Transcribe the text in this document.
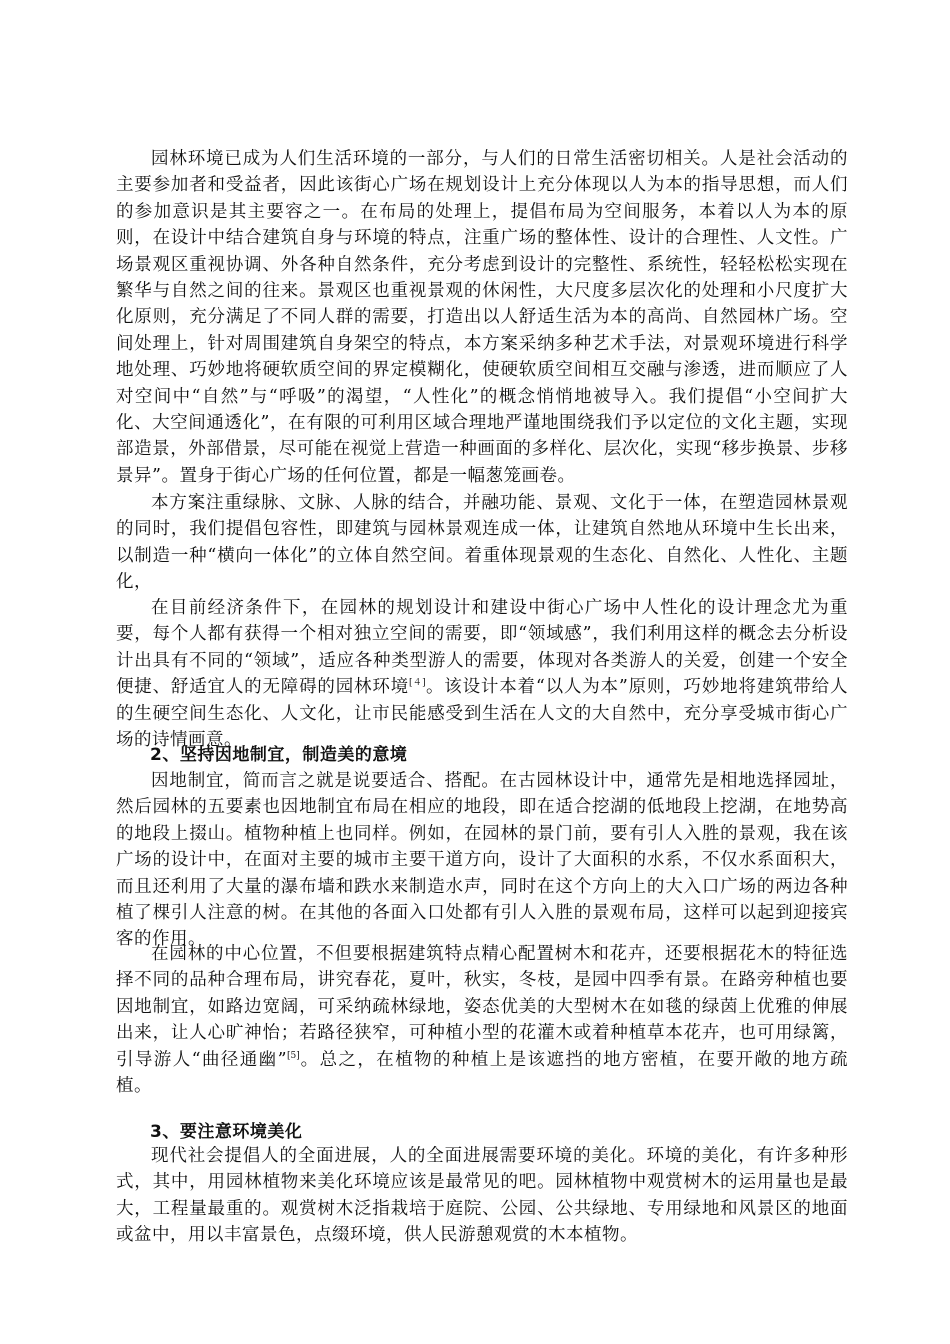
园林环境已成为人们生活环境的一部分，与人们的日常生活密切相关。人是社会活动的主要参加者和受益者，因此该街心广场在规划设计上充分体现以人为本的指导思想，而人们的参加意识是其主要容之一。在布局的处理上，提倡布局为空间服务，本着以人为本的原则，在设计中结合建筑自身与环境的特点，注重广场的整体性、设计的合理性、人文性。广场景观区重视协调、外各种自然条件，充分考虑到设计的完整性、系统性，轻轻松松实现在繁华与自然之间的往来。景观区也重视景观的休闲性，大尺度多层次化的处理和小尺度扩大化原则，充分满足了不同人群的需要，打造出以人舒适生活为本的高尚、自然园林广场。空间处理上，针对周围建筑自身架空的特点，本方案采纳多种艺术手法，对景观环境进行科学地处理、巧妙地将硬软质空间的界定模糊化，使硬软质空间相互交融与渗透，进而顺应了人对空间中“自然”与“呼吸”的渴望，“人性化”的概念悄悄地被导入。我们提倡“小空间扩大化、大空间通透化”，在有限的可利用区域合理地严谨地围绕我们予以定位的文化主题，实现部造景，外部借景，尽可能在视觉上营造一种画面的多样化、层次化，实现“移步换景、步移景异”。置身于街心广场的任何位置，都是一幅葱笼画卷。

本方案注重绿脉、文脉、人脉的结合，并融功能、景观、文化于一体，在塑造园林景观的同时，我们提倡包容性，即建筑与园林景观连成一体，让建筑自然地从环境中生长出来，以制造一种“横向一体化”的立体自然空间。着重体现景观的生态化、自然化、人性化、主题化，

在目前经济条件下，在园林的规划设计和建设中街心广场中人性化的设计理念尤为重要，每个人都有获得一个相对独立空间的需要，即“领域感”，我们利用这样的概念去分析设计出具有不同的“领域”，适应各种类型游人的需要，体现对各类游人的关爱，创建一个安全便捷、舒适宜人的无障碍的园林环境[４]。该设计本着“以人为本”原则，巧妙地将建筑带给人的生硬空间生态化、人文化，让市民能感受到生活在人文的大自然中，充分享受城市街心广场的诗情画意。

2、坚持因地制宜，制造美的意境

因地制宜，简而言之就是说要适合、搭配。在古园林设计中，通常先是相地选择园址，然后园林的五要素也因地制宜布局在相应的地段，即在适合挖湖的低地段上挖湖，在地势高的地段上掇山。植物种植上也同样。例如，在园林的景门前，要有引人入胜的景观，我在该广场的设计中，在面对主要的城市主要干道方向，设计了大面积的水系，不仅水系面积大，而且还利用了大量的瀑布墙和跌水来制造水声，同时在这个方向上的大入口广场的两边各种植了棵引人注意的树。在其他的各面入口处都有引人入胜的景观布局，这样可以起到迎接宾客的作用。

在园林的中心位置，不但要根据建筑特点精心配置树木和花卉，还要根据花木的特征选择不同的品种合理布局，讲究春花，夏叶，秋实，冬枝，是园中四季有景。在路旁种植也要因地制宜，如路边宽阔，可采纳疏林绿地，姿态优美的大型树木在如毯的绿茵上优雅的伸展出来，让人心旷神怡；若路径狭窄，可种植小型的花灌木或着种植草本花卉，也可用绿篱，引导游人“曲径通幽”[5]。总之，在植物的种植上是该遮挡的地方密植，在要开敞的地方疏植。

3、要注意环境美化

现代社会提倡人的全面进展，人的全面进展需要环境的美化。环境的美化，有许多种形式，其中，用园林植物来美化环境应该是最常见的吧。园林植物中观赏树木的运用量也是最大，工程量最重的。观赏树木泛指栽培于庭院、公园、公共绿地、专用绿地和风景区的地面或盆中，用以丰富景色，点缀环境，供人民游憩观赏的木本植物。
